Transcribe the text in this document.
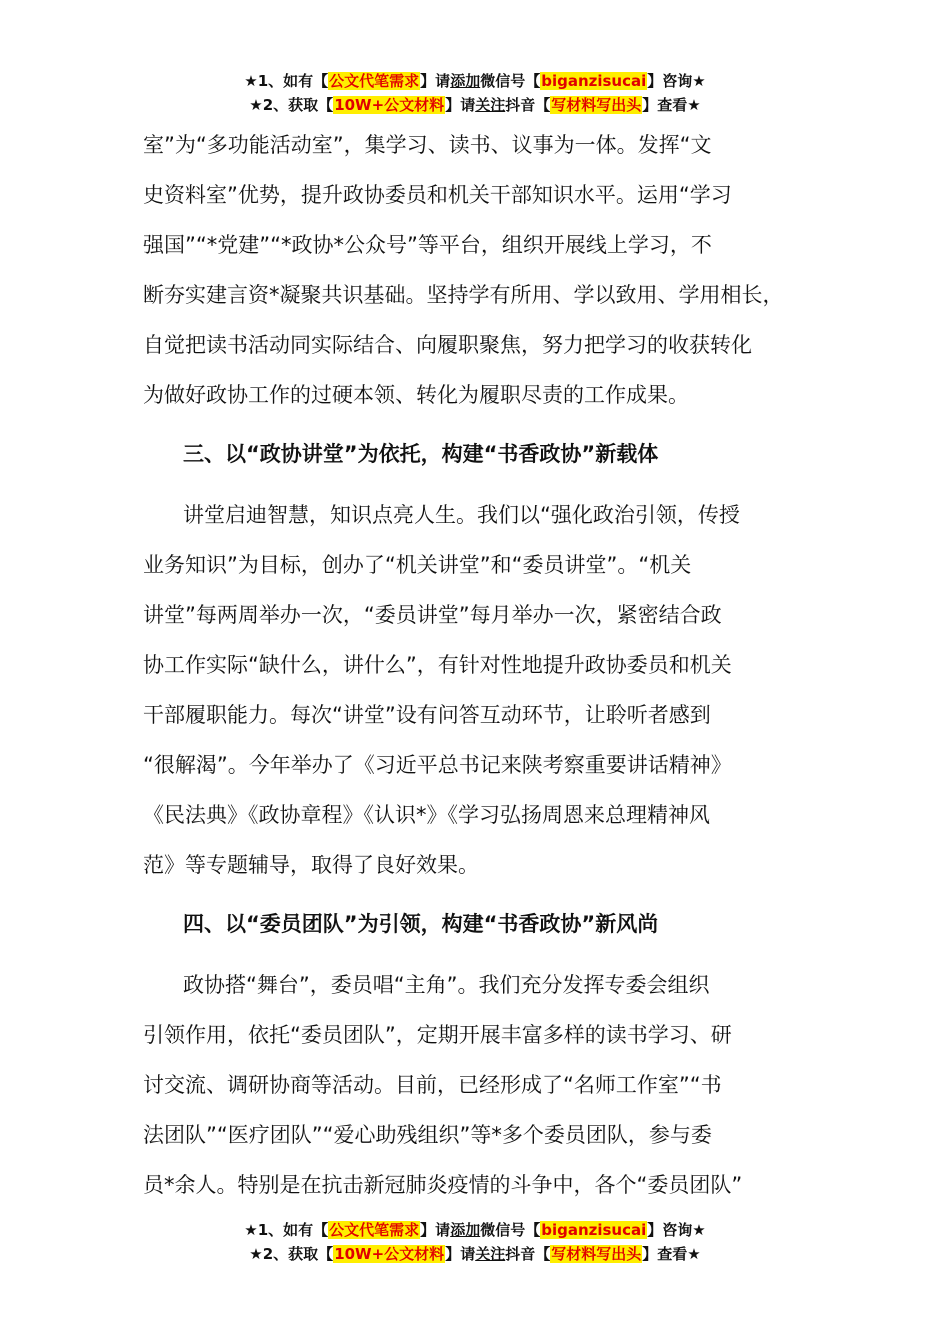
★1、如有【公文代笔需求】请添加微信号【biganzisucai】咨询★
★2、获取【10W+公文材料】请关注抖音【写材料写出头】查看★
室”为“多功能活动室”，集学习、读书、议事为一体。发挥“文
史资料室”优势，提升政协委员和机关干部知识水平。运用“学习
强国”“*党建”“*政协*公众号”等平台，组织开展线上学习，不
断夯实建言资*凝聚共识基础。坚持学有所用、学以致用、学用相长，
自觉把读书活动同实际结合、向履职聚焦，努力把学习的收获转化
为做好政协工作的过硬本领、转化为履职尽责的工作成果。
三、以“政协讲堂”为依托，构建“书香政协”新载体
讲堂启迪智慧，知识点亮人生。我们以“强化政治引领，传授
业务知识”为目标，创办了“机关讲堂”和“委员讲堂”。“机关
讲堂”每两周举办一次，“委员讲堂”每月举办一次，紧密结合政
协工作实际“缺什么，讲什么”，有针对性地提升政协委员和机关
干部履职能力。每次“讲堂”设有问答互动环节，让聆听者感到
“很解渴”。今年举办了《习近平总书记来陕考察重要讲话精神》
《民法典》《政协章程》《认识*》《学习弘扬周恩来总理精神风
范》等专题辅导，取得了良好效果。
四、以“委员团队”为引领，构建“书香政协”新风尚
政协搭“舞台”，委员唱“主角”。我们充分发挥专委会组织
引领作用，依托“委员团队”，定期开展丰富多样的读书学习、研
讨交流、调研协商等活动。目前，已经形成了“名师工作室”“书
法团队”“医疗团队”“爱心助残组织”等*多个委员团队，参与委
员*余人。特别是在抗击新冠肺炎疫情的斗争中，各个“委员团队”
★1、如有【公文代笔需求】请添加微信号【biganzisucai】咨询★
★2、获取【10W+公文材料】请关注抖音【写材料写出头】查看★
